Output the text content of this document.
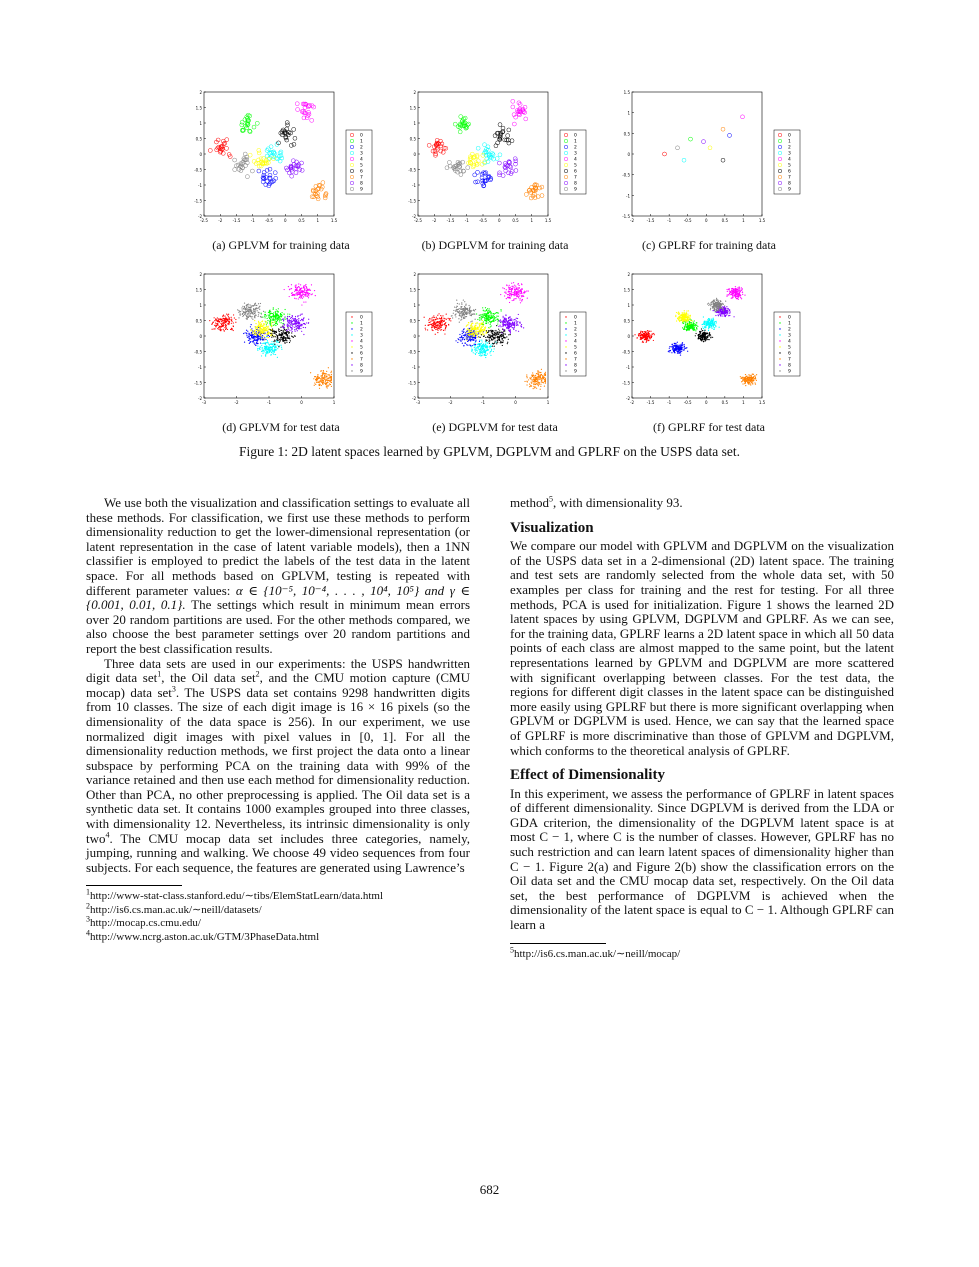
2
1.5
1
0.5
0
-0.5
-1
-1.5
-2
-2.5	-2	-1.5	-1	-0.5	0	0.5	1	1.5
0
1
2
3
4
5
6
7
8
9
2
1.5
1
0.5
0
-0.5
-1
-1.5
-2
-2.5	-2	-1.5	-1	-0.5	0	0.5	1	1.5
0
1
2
3
4
5
6
7
8
9
1.5
1
0.5
0
-0.5
-1
-1.5
-2	-1.5	-1	-0.5	0	0.5	1	1.5
0
1
2
3
4
5
6
7
8
9
2
1.5
1
0.5
0
-0.5
-1
-1.5
-2
-3	-2	-1	0	1
0
1
2
3
4
5
6
7
8
9
2
1.5
1
0.5
0
-0.5
-1
-1.5
-2
-3	-2	-1	0	1
0
1
2
3
4
5
6
7
8
9
2
1.5
1
0.5
0
-0.5
-1
-1.5
-2
-2	-1.5	-1	-0.5	0	0.5	1	1.5
0
1
2
3
4
5
6
7
8
9
(a) GPLVM for training data	(b) DGPLVM for training data	(c) GPLRF for training data
(d) GPLVM for test data	(e) DGPLVM for test data	(f) GPLRF for test data
Figure 1: 2D latent spaces learned by GPLVM, DGPLVM and GPLRF on the USPS data set.

We use both the visualization and classification settings to evaluate all these methods. For classification, we first use these methods to perform dimensionality reduction to get the lower-dimensional representation (or latent representation in the case of latent variable models), then a 1NN classifier is employed to predict the labels of the test data in the latent space. For all methods based on GPLVM, testing is repeated with different parameter values: α ∈ {10⁻⁵, 10⁻⁴, . . . , 10⁴, 10⁵} and γ ∈ {0.001, 0.01, 0.1}. The settings which result in minimum mean errors over 20 random partitions are used. For the other methods compared, we also choose the best parameter settings over 20 random partitions and report the best classification results.

Three data sets are used in our experiments: the USPS handwritten digit data set$^1$, the Oil data set$^2$, and the CMU motion capture (CMU mocap) data set$^3$. The USPS data set contains 9298 handwritten digits from 10 classes. The size of each digit image is 16 × 16 pixels (so the dimensionality of the data space is 256). In our experiment, we use normalized digit images with pixel values in [0, 1]. For all the dimensionality reduction methods, we first project the data onto a linear subspace by performing PCA on the training data with 99% of the variance retained and then use each method for dimensionality reduction. Other than PCA, no other preprocessing is applied. The Oil data set is a synthetic data set. It contains 1000 examples grouped into three classes, with dimensionality 12. Nevertheless, its intrinsic dimensionality is only two$^4$. The CMU mocap data set includes three categories, namely, jumping, running and walking. We choose 49 video sequences from four subjects. For each sequence, the features are generated using Lawrence’s

$^1$http://www-stat-class.stanford.edu/∼tibs/ElemStatLearn/data.html
$^2$http://is6.cs.man.ac.uk/∼neill/datasets/
$^3$http://mocap.cs.cmu.edu/
$^4$http://www.ncrg.aston.ac.uk/GTM/3PhaseData.html

method$^5$, with dimensionality 93.

Visualization

We compare our model with GPLVM and DGPLVM on the visualization of the USPS data set in a 2-dimensional (2D) latent space. The training and test sets are randomly selected from the whole data set, with 50 examples per class for training and the rest for testing. For all three methods, PCA is used for initialization. Figure 1 shows the learned 2D latent spaces by using GPLVM, DGPLVM and GPLRF. As we can see, for the training data, GPLRF learns a 2D latent space in which all 50 data points of each class are almost mapped to the same point, but the latent representations learned by GPLVM and DGPLVM are more scattered with significant overlapping between classes. For the test data, the regions for different digit classes in the latent space can be distinguished more easily using GPLRF but there is more significant overlapping when GPLVM or DGPLVM is used. Hence, we can say that the learned space of GPLRF is more discriminative than those of GPLVM and DGPLVM, which conforms to the theoretical analysis of GPLRF.

Effect of Dimensionality

In this experiment, we assess the performance of GPLRF in latent spaces of different dimensionality. Since DGPLVM is derived from the LDA or GDA criterion, the dimensionality of the DGPLVM latent space is at most C − 1, where C is the number of classes. However, GPLRF has no such restriction and can learn latent spaces of dimensionality higher than C − 1. Figure 2(a) and Figure 2(b) show the classification errors on the Oil data set and the CMU mocap data set, respectively. On the Oil data set, the best performance of DGPLVM is achieved when the dimensionality of the latent space is equal to C − 1. Although GPLRF can learn a

$^5$http://is6.cs.man.ac.uk/∼neill/mocap/
682
